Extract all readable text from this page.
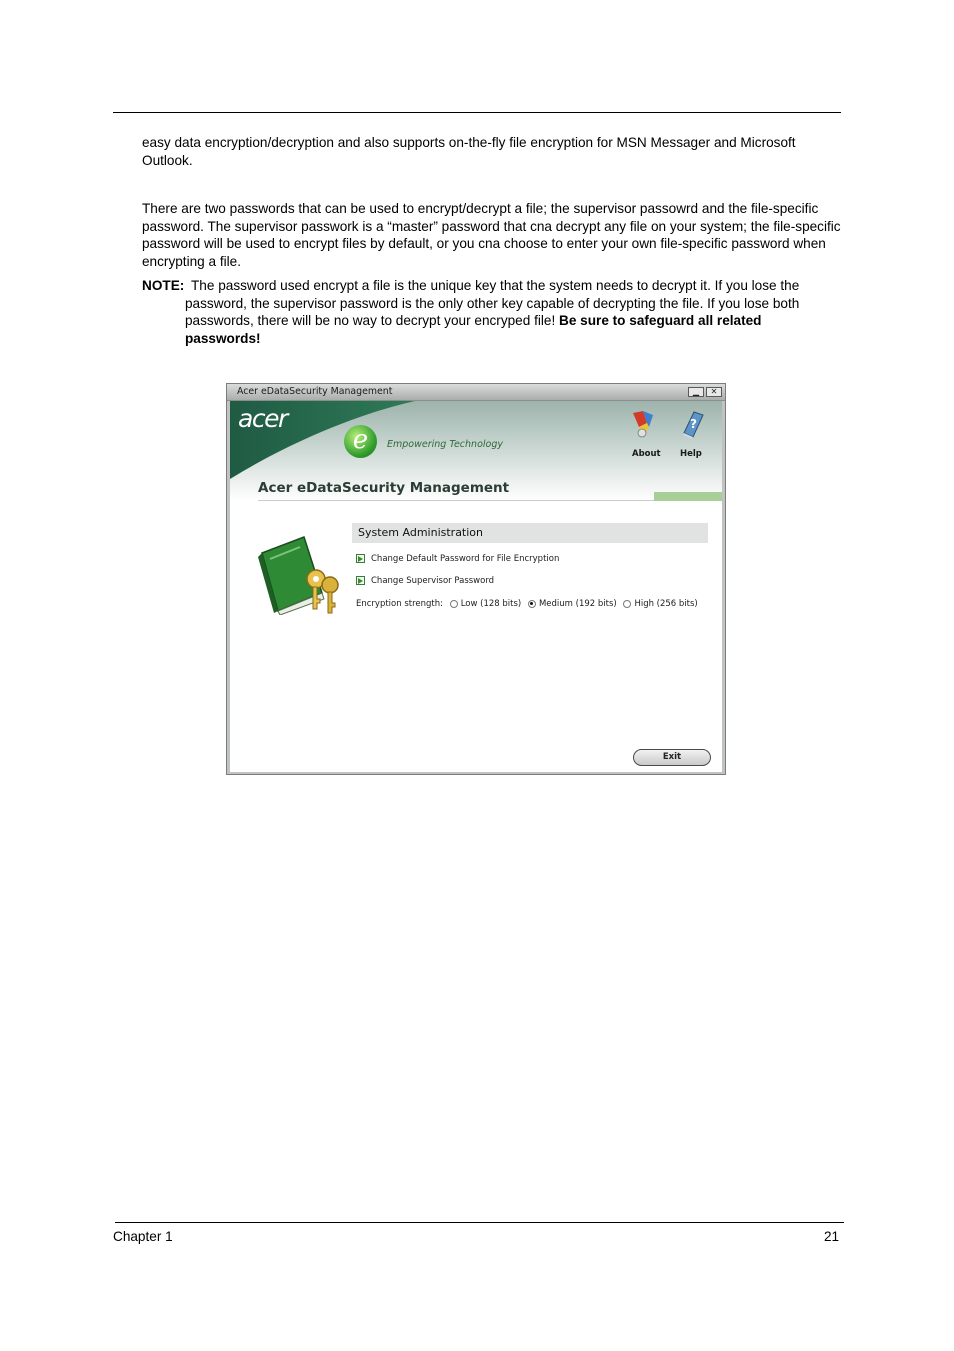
easy data encryption/decryption and also supports on-the-fly file encryption for MSN Messager and Microsoft Outlook.

There are two passwords that can be used to encrypt/decrypt a file; the supervisor passowrd and the file-specific password. The supervisor passwork is a “master” password that cna decrypt any file on your system; the file-specific password will be used to encrypt files by default, or you cna choose to enter your own file-specific password when encrypting a file.

NOTE: The password used encrypt a file is the unique key that the system needs to decrypt it. If you lose the password, the supervisor password is the only other key capable of decrypting the file. If you lose both passwords, there will be no way to decrypt your encryped file! Be sure to safeguard all related passwords!
Acer eDataSecurity Management	▁	✕
acer
e	Empowering Technology
About
?
Help
Acer eDataSecurity Management
System Administration
Change Default Password for File Encryption
Change Supervisor Password
Encryption strength: Low (128 bits) Medium (192 bits) High (256 bits)
Exit
Chapter 1	21
